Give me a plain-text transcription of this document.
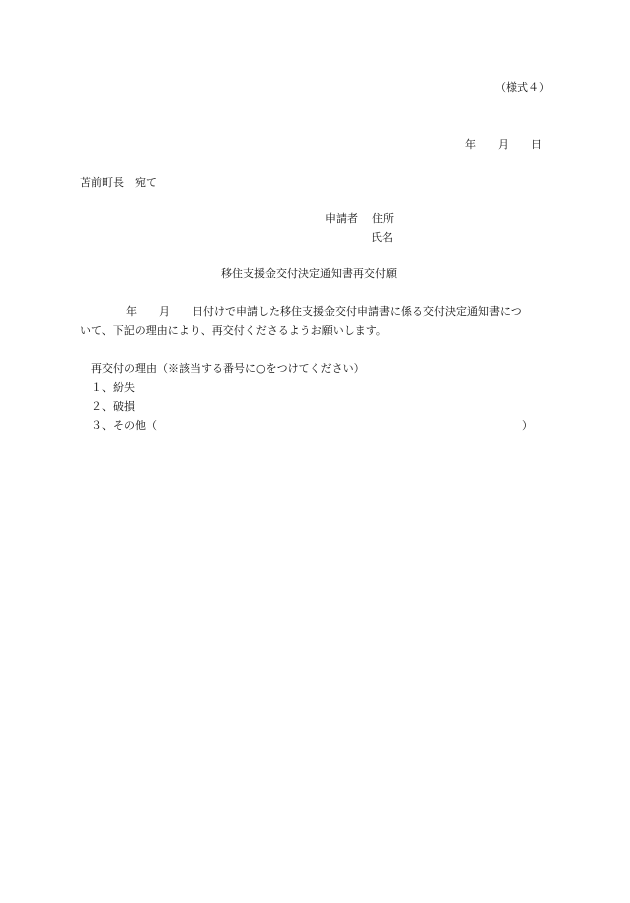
（様式４）
年 月 日
苫前町長　宛て
申請者 住所
氏名
移住支援金交付決定通知書再交付願
年 月 日付けで申請した移住支援金交付申請書に係る交付決定通知書につ
いて、下記の理由により、再交付くださるようお願いします。
再交付の理由（※該当する番号に○をつけてください）
１、紛失
２、破損
３、その他（	）
